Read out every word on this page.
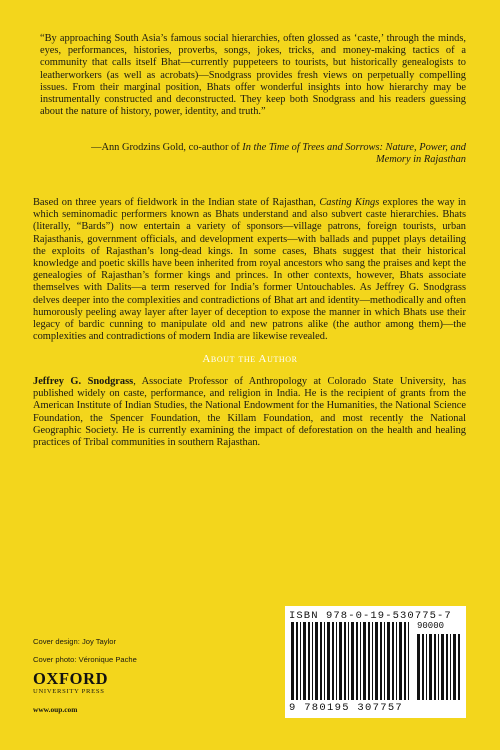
“By approaching South Asia’s famous social hierarchies, often glossed as ‘caste,’ through the minds, eyes, performances, histories, proverbs, songs, jokes, tricks, and money-making tactics of a community that calls itself Bhat—currently puppeteers to tourists, but historically genealogists to leatherworkers (as well as acrobats)—Snodgrass provides fresh views on perpetually compelling issues. From their marginal position, Bhats offer wonderful insights into how hierarchy may be instrumentally constructed and deconstructed. They keep both Snodgrass and his readers guessing about the nature of history, power, identity, and truth.”
—Ann Grodzins Gold, co-author of In the Time of Trees and Sorrows: Nature, Power, and Memory in Rajasthan
Based on three years of fieldwork in the Indian state of Rajasthan, Casting Kings explores the way in which seminomadic performers known as Bhats understand and also subvert caste hierarchies. Bhats (literally, “Bards”) now entertain a variety of sponsors—village patrons, foreign tourists, urban Rajasthanis, government officials, and development experts—with ballads and puppet plays detailing the exploits of Rajasthan’s long-dead kings. In some cases, Bhats suggest that their historical knowledge and poetic skills have been inherited from royal ancestors who sang the praises and kept the genealogies of Rajasthan’s former kings and princes. In other contexts, however, Bhats associate themselves with Dalits—a term reserved for India’s former Untouchables. As Jeffrey G. Snodgrass delves deeper into the complexities and contradictions of Bhat art and identity—methodically and often humorously peeling away layer after layer of deception to expose the manner in which Bhats use their legacy of bardic cunning to manipulate old and new patrons alike (the author among them)—the complexities and contradictions of modern India are likewise revealed.
About the Author
Jeffrey G. Snodgrass, Associate Professor of Anthropology at Colorado State University, has published widely on caste, performance, and religion in India. He is the recipient of grants from the American Institute of Indian Studies, the National Endowment for the Humanities, the National Science Foundation, the Spencer Foundation, the Killam Foundation, and most recently the National Geographic Society. He is currently examining the impact of deforestation on the health and healing practices of Tribal communities in southern Rajasthan.
Cover design: Joy Taylor
Cover photo: Véronique Pache
OXFORD
UNIVERSITY PRESS
www.oup.com
ISBN 978-0-19-530775-7
90000
9 780195 307757
